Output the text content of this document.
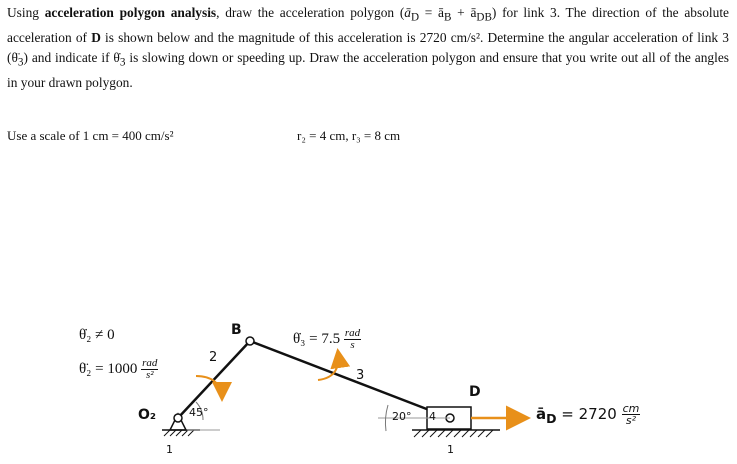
Using acceleration polygon analysis, draw the acceleration polygon ($ā_D$ = $ā_B$ + $ā_{DB}$) for link 3. The direction of the absolute acceleration of D is shown below and the magnitude of this acceleration is 2720 cm/s². Determine the angular acceleration of link 3 $(\thetä_3)$ and indicate if $\thetȧ_3$ is slowing down or speeding up. Draw the acceleration polygon and ensure that you write out all of the angles in your drawn polygon.
Use a scale of 1 cm = 400 cm/s²	r₂ = 4 cm, r₃ = 8 cm
θ̇₂ ≠ 0
θ̈₂ = $1000 \frac{\text{rad}}{\text{s²}}$
2
O₂	45°
1
B
θ̇₃ = $7.5 \frac{\text{rad}}{s}$
3
20° 4
D
1
$ā_D = 2720 \frac{cm}{\text{s²}}$
